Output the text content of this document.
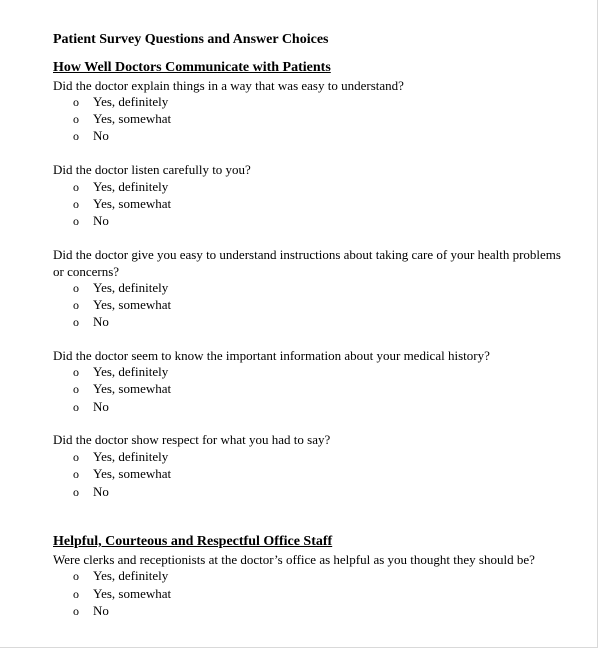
Patient Survey Questions and Answer Choices
How Well Doctors Communicate with Patients
Did the doctor explain things in a way that was easy to understand?
o Yes, definitely
o Yes, somewhat
o No
Did the doctor listen carefully to you?
o Yes, definitely
o Yes, somewhat
o No
Did the doctor give you easy to understand instructions about taking care of your health problems or concerns?
o Yes, definitely
o Yes, somewhat
o No
Did the doctor seem to know the important information about your medical history?
o Yes, definitely
o Yes, somewhat
o No
Did the doctor show respect for what you had to say?
o Yes, definitely
o Yes, somewhat
o No
Helpful, Courteous and Respectful Office Staff
Were clerks and receptionists at the doctor’s office as helpful as you thought they should be?
o Yes, definitely
o Yes, somewhat
o No
